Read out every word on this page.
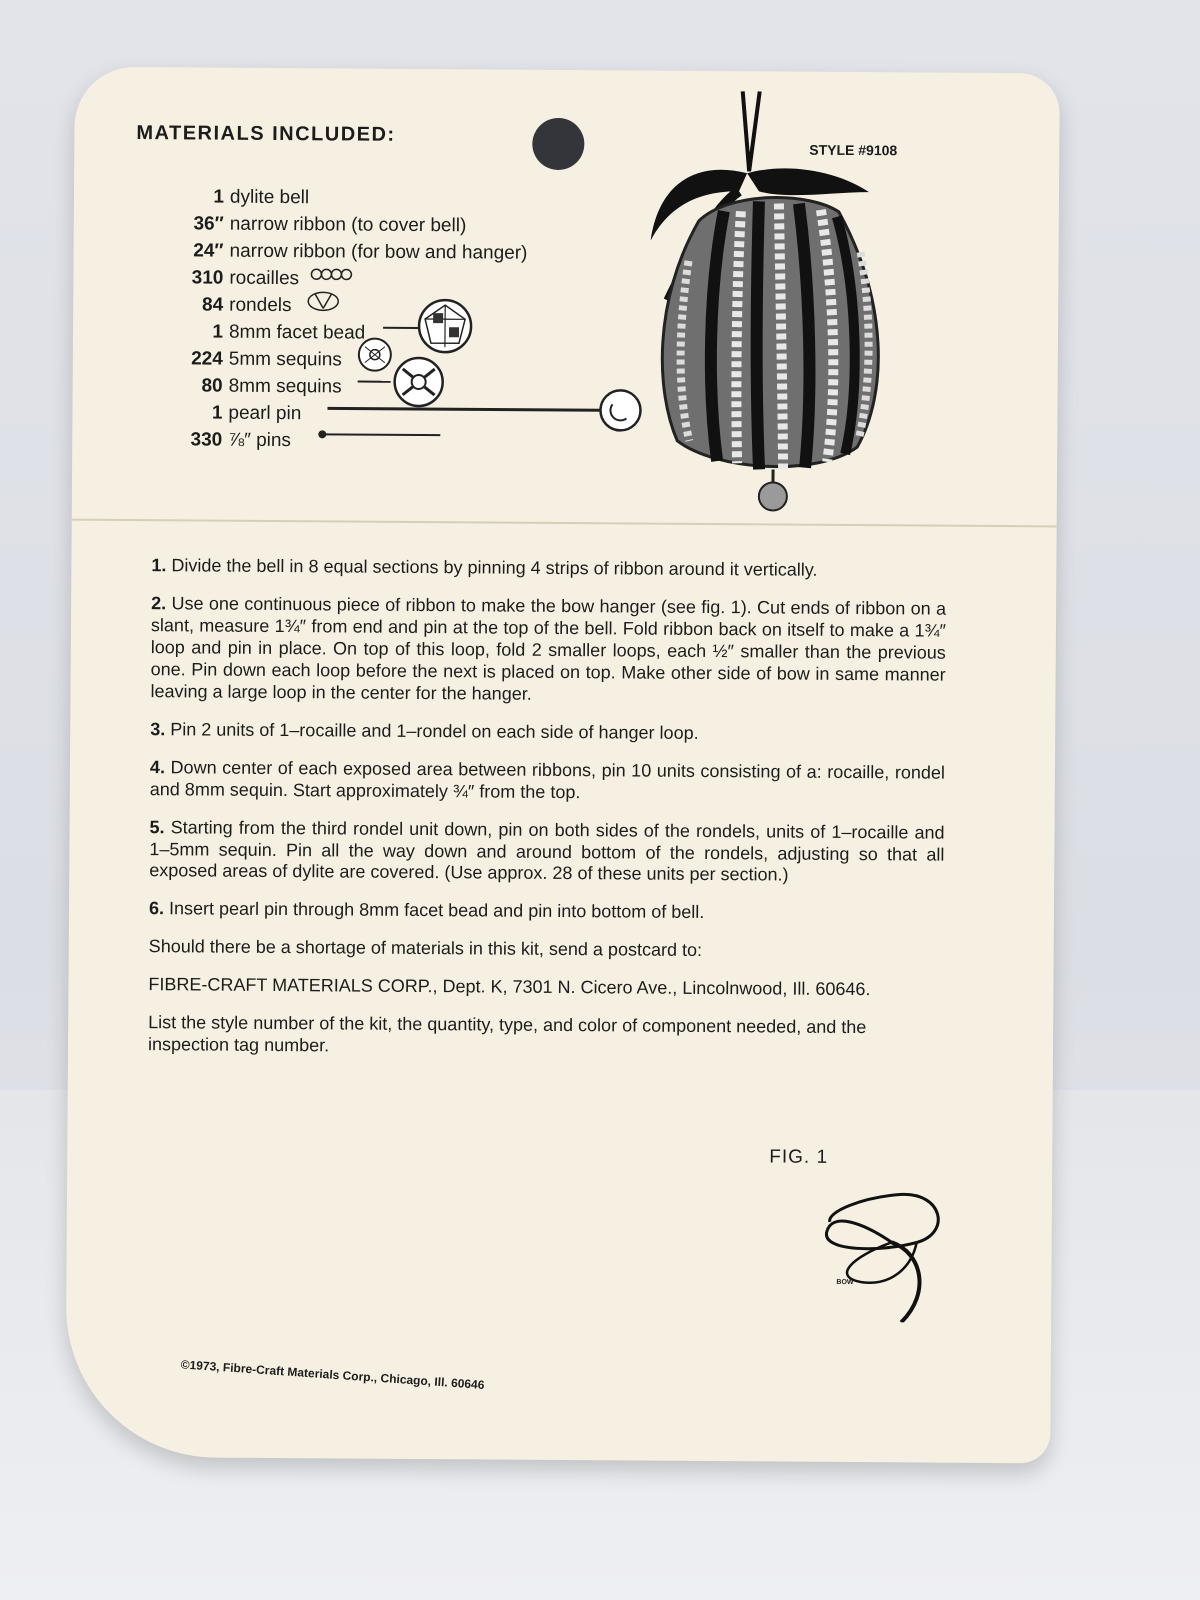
MATERIALS INCLUDED:
STYLE #9108
1 dylite bell
36″ narrow ribbon (to cover bell)
24″ narrow ribbon (for bow and hanger)
310 rocailles
84 rondels
1 8mm facet bead
224 5mm sequins
80 8mm sequins
1 pearl pin
330 ⅞″ pins

1. Divide the bell in 8 equal sections by pinning 4 strips of ribbon around it vertically.

2. Use one continuous piece of ribbon to make the bow hanger (see fig. 1). Cut ends of ribbon on a slant, measure 1¾″ from end and pin at the top of the bell. Fold ribbon back on itself to make a 1¾″ loop and pin in place. On top of this loop, fold 2 smaller loops, each ½″ smaller than the previous one. Pin down each loop before the next is placed on top. Make other side of bow in same manner leaving a large loop in the center for the hanger.

3. Pin 2 units of 1–rocaille and 1–rondel on each side of hanger loop.

4. Down center of each exposed area between ribbons, pin 10 units consisting of a: rocaille, rondel and 8mm sequin. Start approximately ¾″ from the top.

5. Starting from the third rondel unit down, pin on both sides of the rondels, units of 1–rocaille and 1–5mm sequin. Pin all the way down and around bottom of the rondels, adjusting so that all exposed areas of dylite are covered. (Use approx. 28 of these units per section.)

6. Insert pearl pin through 8mm facet bead and pin into bottom of bell.

Should there be a shortage of materials in this kit, send a postcard to:

FIBRE-CRAFT MATERIALS CORP., Dept. K, 7301 N. Cicero Ave., Lincolnwood, Ill. 60646.

List the style number of the kit, the quantity, type, and color of component needed, and the inspection tag number.

FIG. 1
BOW
©1973, Fibre-Craft Materials Corp., Chicago, Ill. 60646
